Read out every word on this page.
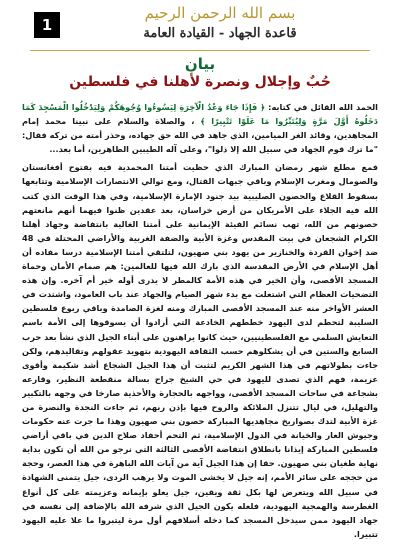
1
بسم الله الرحمن الرحيم
قاعدة الجهاد - القيادة العامة
بيان
حُبٌ وإجلال ونصرة لأهلنا في فلسطين

الحمد الله القائل في كتابه: ﴿ فَإِذَا جَاءَ وَعْدُ الْآخِرَةِ لِيَسُوءُوا وُجُوهَكُمْ وَلِيَدْخُلُوا الْمَسْجِدَ كَمَا دَخَلُوهُ أَوَّلَ مَرَّةٍ وَلِيُتَبِّرُوا مَا عَلَوْا تَتْبِيرًا ﴾ ، والصلاة والسلام على نبينا محمد إمام المجاهدين، وقائد الغر الميامين، الذي جاهد في الله حق جهاده، وحذر أمته من تركه فقال: "ما ترك قوم الجهاد في سبيل الله إلا ذلوا"، وعلى آله الطيبين الطاهرين، أما بعد...

فمع مطلع شهر رمضان المبارك الذي حظيت أمتنا المحمدية فيه بفتوح أفغانستان والصومال ومغرب الإسلام وباقي جبهات القتال، ومع توالي الانتصارات الإسلامية وتتابعها بسقوط القلاع والحصون الصليبية بيد جنود الإمارة الإسلامية، وفي هذا الوقت الذي كتب الله فيه الجلاء على الأمريكان من أرض خراسان، بعد عقدين ظنوا فيهما أنهم مانعتهم حصونهم من الله، تهب نسائم الفيئة الإيمانية على أمتنا الغالية بانتفاضة وجهاد أهلنا الكرام الشجعان في بيت المقدس وغزة الأبية والضفة الغربية والأراضي المحتلة في 48 ضد إخوان القردة والخنازير من يهود بني صهيون، لتلتقي أمتنا الإسلامية درسا مفاده أن أهل الإسلام في الأرض المقدسة الذي بارك الله فيها للعالمين: هم صمام الأمان وحماة المسجد الأقصى، وأن الخير في هذه الأمة كالمطر لا يدرى أوله خير أم آخره. وإن هذه التضحيات العظام التي اشتعلت مع بدء شهر الصيام والجهاد عند باب العامود، واشتدت في العشر الأواخر منه عند المسجد الأقصى المبارك ومنه لغزة الصامدة وباقي ربوع فلسطين السليبة لتحطم لدى اليهود خططهم الخادعة التي أرادوا أن يسوقوها إلى الأمة باسم التعايش السلمي مع الفلسطينيين، حيث كانوا يراهنون على أبناء الجيل الذي نشأ بعد حرب السابع والستين في أن يشكلوهم حسب الثقافة اليهودية بتهويد عقولهم وتقاليدهم، ولكن جاءت بطولاتهم في هذا الشهر الكريم لتثبت أن هذا الجيل الشجاع أشد شكيمة وأقوى عزيمة، فهم الذي تصدى لليهود في حي الشيخ جراح بسالة منقطعة النظير، وقارعه بشجاعة في ساحات المسجد الأقصى، وواجهه بالحجارة والأحذية صارخا في وجهه بالتكبير والتهليل، في ليال تتنزل الملائكة والروح فيها بإذن ربهم، ثم جاءت النجدة والنصرة من غزة الأبية لتدك بصواريخ مجاهديها المباركة حصون بني صهيون وهذا ما جرت عنه حكومات وجيوش العار والخيانة في الدول الإسلامية، ثم التحم أحفاد صلاح الدين في باقي أراضي فلسطين المباركة إيذانا بانطلاق انتفاضة الأقصى الثالثة التي نرجو من الله أن تكون بداية نهاية طغيان بني صهيون. حقا إن هذا الجيل آية من آيات الله الباهرة في هذا العصر، وحجة من حججه على سائر الأمم، إنه جيل لا يخشى الموت ولا يرهب الردى، جيل يتمنى الشهادة في سبيل الله ويتعرض لها بكل ثقة ويقين، جيل يعلو بإيمانه وعزيمته على كل أنواع الغطرسة والهمجية اليهودية، فلعله يكون الجيل الذي شرفه الله بالإضافة إلى نفسه في جهاد اليهود ممن سيدخل المسجد كما دخله أسلافهم أول مرة ليتبروا ما علا عليه اليهود تتبيرا.
